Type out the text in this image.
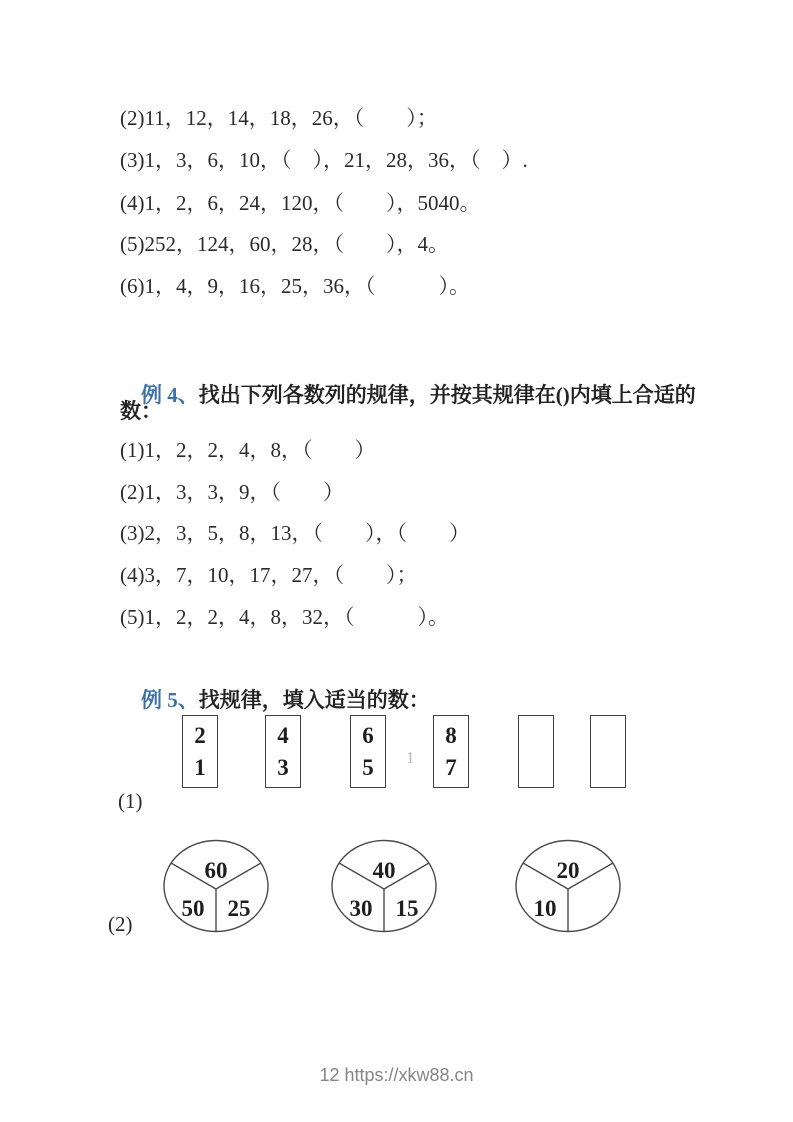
(2)11，12，14，18，26，（　　）；
(3)1，3，6，10，（　），21，28，36，（　）.
(4)1，2，6，24，120，（　　），5040。
(5)252，124，60，28，（　　），4。
(6)1，4，9，16，25，36，（　　　）。

例 4、找出下列各数列的规律，并按其规律在()内填上合适的

数：
(1)1，2，2，4，8，（　　）
(2)1，3，3，9，（　　）
(3)2，3，5，8，13，（　　），（　　）
(4)3，7，10，17，27，（　　）；
(5)1，2，2，4，8，32，（　　　）。

例 5、找规律，填入适当的数：

2
1
4
3
6
5
8
7
1
(1)
60
50 25
40
30 15
20
10
(2)
12 https://xkw88.cn
